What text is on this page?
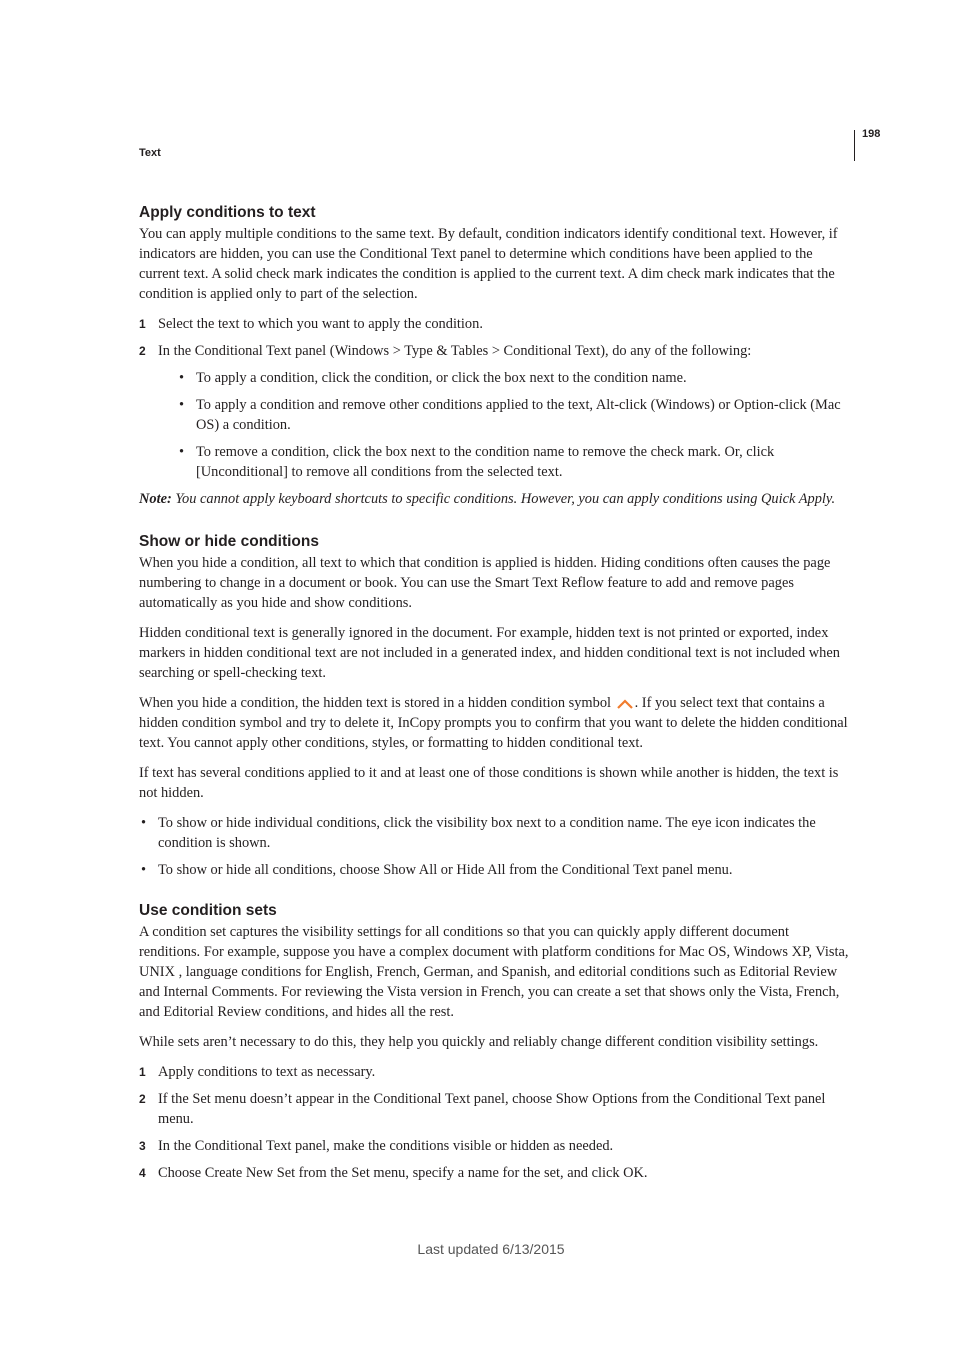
198
Text
Apply conditions to text

You can apply multiple conditions to the same text. By default, condition indicators identify conditional text. However, if indicators are hidden, you can use the Conditional Text panel to determine which conditions have been applied to the current text. A solid check mark indicates the condition is applied to the current text. A dim check mark indicates that the condition is applied only to part of the selection.

1 Select the text to which you want to apply the condition.
2 In the Conditional Text panel (Windows > Type & Tables > Conditional Text), do any of the following:
• To apply a condition, click the condition, or click the box next to the condition name.
• To apply a condition and remove other conditions applied to the text, Alt-click (Windows) or Option-click (Mac OS) a condition.
• To remove a condition, click the box next to the condition name to remove the check mark. Or, click [Unconditional] to remove all conditions from the selected text.

Note: You cannot apply keyboard shortcuts to specific conditions. However, you can apply conditions using Quick Apply.

Show or hide conditions

When you hide a condition, all text to which that condition is applied is hidden. Hiding conditions often causes the page numbering to change in a document or book. You can use the Smart Text Reflow feature to add and remove pages automatically as you hide and show conditions.

Hidden conditional text is generally ignored in the document. For example, hidden text is not printed or exported, index markers in hidden conditional text are not included in a generated index, and hidden conditional text is not included when searching or spell-checking text.

When you hide a condition, the hidden text is stored in a hidden condition symbol . If you select text that contains a hidden condition symbol and try to delete it, InCopy prompts you to confirm that you want to delete the hidden conditional text. You cannot apply other conditions, styles, or formatting to hidden conditional text.

If text has several conditions applied to it and at least one of those conditions is shown while another is hidden, the text is not hidden.

• To show or hide individual conditions, click the visibility box next to a condition name. The eye icon indicates the condition is shown.
• To show or hide all conditions, choose Show All or Hide All from the Conditional Text panel menu.
Use condition sets

A condition set captures the visibility settings for all conditions so that you can quickly apply different document renditions. For example, suppose you have a complex document with platform conditions for Mac OS, Windows XP, Vista, UNIX , language conditions for English, French, German, and Spanish, and editorial conditions such as Editorial Review and Internal Comments. For reviewing the Vista version in French, you can create a set that shows only the Vista, French, and Editorial Review conditions, and hides all the rest.

While sets aren’t necessary to do this, they help you quickly and reliably change different condition visibility settings.

1 Apply conditions to text as necessary.
2 If the Set menu doesn’t appear in the Conditional Text panel, choose Show Options from the Conditional Text panel menu.
3 In the Conditional Text panel, make the conditions visible or hidden as needed.
4 Choose Create New Set from the Set menu, specify a name for the set, and click OK.
Last updated 6/13/2015
